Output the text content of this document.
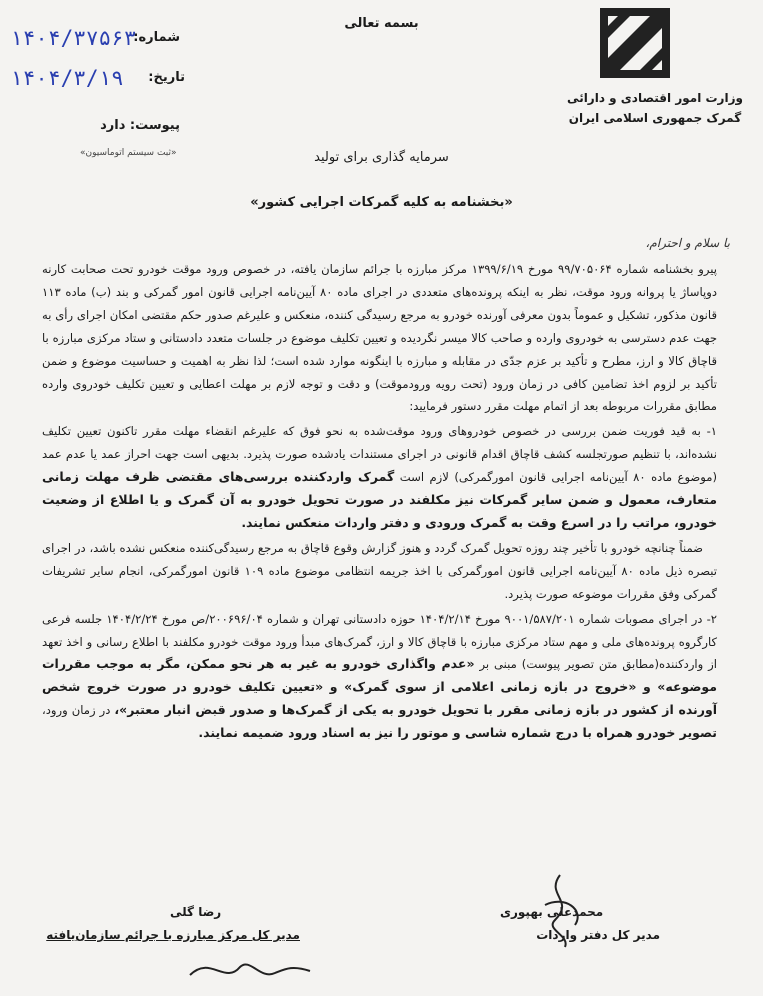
بسمه تعالی
وزارت امور اقتصادی و دارائی
گمرک جمهوری اسلامی ایران
شماره:
۱۴۰۴/۳۷۵۶۳
تاریخ:
۱۴۰۴/۳/۱۹
پیوست: دارد
«ثبت سیستم اتوماسیون»	سرمایه گذاری برای تولید
«بخشنامه به کلیه گمرکات اجرایی کشور»
با سلام و احترام،

پیرو بخشنامه شماره ۹۹/۷۰۵۰۶۴ مورخ ۱۳۹۹/۶/۱۹ مرکز مبارزه با جرائم سازمان یافته، در خصوص ورود موقت خودرو تحت صحابت کارنه دوپاساژ یا پروانه ورود موقت، نظر به اینکه پرونده‌های متعددی در اجرای ماده ۸۰ آیین‌نامه اجرایی قانون امور گمرکی و بند (ب) ماده ۱۱۳ قانون مذکور، تشکیل و عموماً بدون معرفی آورنده خودرو به مرجع رسیدگی کننده، منعکس و علیرغم صدور حکم مقتضی امکان اجرای رأی به جهت عدم دسترسی به خودروی وارده و صاحب کالا میسر نگردیده و تعیین تکلیف موضوع در جلسات متعدد دادستانی و ستاد مرکزی مبارزه با قاچاق کالا و ارز، مطرح و تأکید بر عزم جدّی در مقابله و مبارزه با اینگونه موارد شده است؛ لذا نظر به اهمیت و حساسیت موضوع و ضمن تأکید بر لزوم اخذ تضامین کافی در زمان ورود (تحت رویه ورودموقت) و دقت و توجه لازم بر مهلت اعطایی و تعیین تکلیف خودروی وارده مطابق مقررات مربوطه بعد از اتمام مهلت مقرر دستور فرمایید:

۱- به قید فوریت ضمن بررسی در خصوص خودروهای ورود موقت‌شده به نحو فوق که علیرغم انقضاء مهلت مقرر تاکنون تعیین تکلیف نشده‌اند، با تنظیم صورتجلسه کشف قاچاق اقدام قانونی در اجرای مستندات یادشده صورت پذیرد. بدیهی است جهت احراز عمد یا عدم عمد (موضوع ماده ۸۰ آیین‌نامه اجرایی قانون امورگمرکی) لازم است گمرک واردکننده بررسی‌های مقتضی ظرف مهلت زمانی متعارف، معمول و ضمن سایر گمرکات نیز مکلفند در صورت تحویل خودرو به آن گمرک و یا اطلاع از وضعیت خودرو، مراتب را در اسرع وقت به گمرک ورودی و دفتر واردات منعکس نمایند.

ضمناً چنانچه خودرو با تأخیر چند روزه تحویل گمرک گردد و هنوز گزارش وقوع قاچاق به مرجع رسیدگی‌کننده منعکس نشده باشد، در اجرای تبصره ذیل ماده ۸۰ آیین‌نامه اجرایی قانون امورگمرکی با اخذ جریمه انتظامی موضوع ماده ۱۰۹ قانون امورگمرکی، انجام سایر تشریفات گمرکی وفق مقررات موضوعه صورت پذیرد.

۲- در اجرای مصوبات شماره ۹۰۰۱/۵۸۷/۲۰۱ مورخ ۱۴۰۴/۲/۱۴ حوزه دادستانی تهران و شماره ۲۰۰۶۹۶/۰۴/ص مورخ ۱۴۰۴/۲/۲۴ جلسه فرعی کارگروه پرونده‌های ملی و مهم ستاد مرکزی مبارزه با قاچاق کالا و ارز، گمرک‌های مبدأ ورود موقت خودرو مکلفند با اطلاع رسانی و اخذ تعهد از واردکننده(مطابق متن تصویر پیوست) مبنی بر «عدم واگذاری خودرو به غیر به هر نحو ممکن، مگر به موجب مقررات موضوعه» و «خروج در بازه زمانی اعلامی از سوی گمرک» و «تعیین تکلیف خودرو در صورت خروج شخص آورنده از کشور در بازه زمانی مقرر با تحویل خودرو به یکی از گمرک‌ها و صدور قبض انبار معتبر»، در زمان ورود، تصویر خودرو همراه با درج شماره شاسی و موتور را نیز به اسناد ورود ضمیمه نمایند.

رضا گلی
مدیر کل مرکز مبارزه با جرائم سازمان‌یافته
محمدعلی بهپوری
مدیر کل دفتر واردات
